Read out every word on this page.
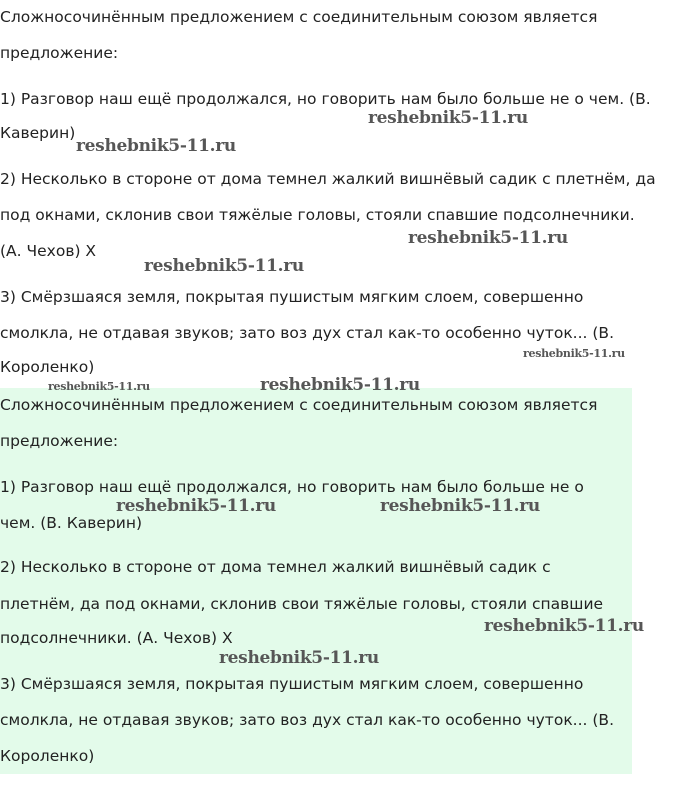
Сложносочинённым предложением с соединительным союзом является
предложение:
1) Разговор наш ещё продолжался, но говорить нам было больше не о чем. (В.
Каверин)
2) Несколько в стороне от дома темнел жалкий вишнёвый садик с плетнём, да
под окнами, склонив свои тяжёлые головы, стояли спавшие подсолнечники.
(А. Чехов) Х
3) Смёрзшаяся земля, покрытая пушистым мягким слоем, совершенно
смолкла, не отдавая звуков; зато воз дух стал как-то особенно чуток... (В.
Короленко)
Сложносочинённым предложением с соединительным союзом является
предложение:
1) Разговор наш ещё продолжался, но говорить нам было больше не о
чем. (В. Каверин)
2) Несколько в стороне от дома темнел жалкий вишнёвый садик с
плетнём, да под окнами, склонив свои тяжёлые головы, стояли спавшие
подсолнечники. (А. Чехов) Х
3) Смёрзшаяся земля, покрытая пушистым мягким слоем, совершенно
смолкла, не отдавая звуков; зато воз дух стал как-то особенно чуток... (В.
Короленко)
reshebnik5-11.ru
reshebnik5-11.ru
reshebnik5-11.ru
reshebnik5-11.ru
reshebnik5-11.ru
reshebnik5-11.ru	reshebnik5-11.ru
reshebnik5-11.ru	reshebnik5-11.ru
reshebnik5-11.ru
reshebnik5-11.ru
